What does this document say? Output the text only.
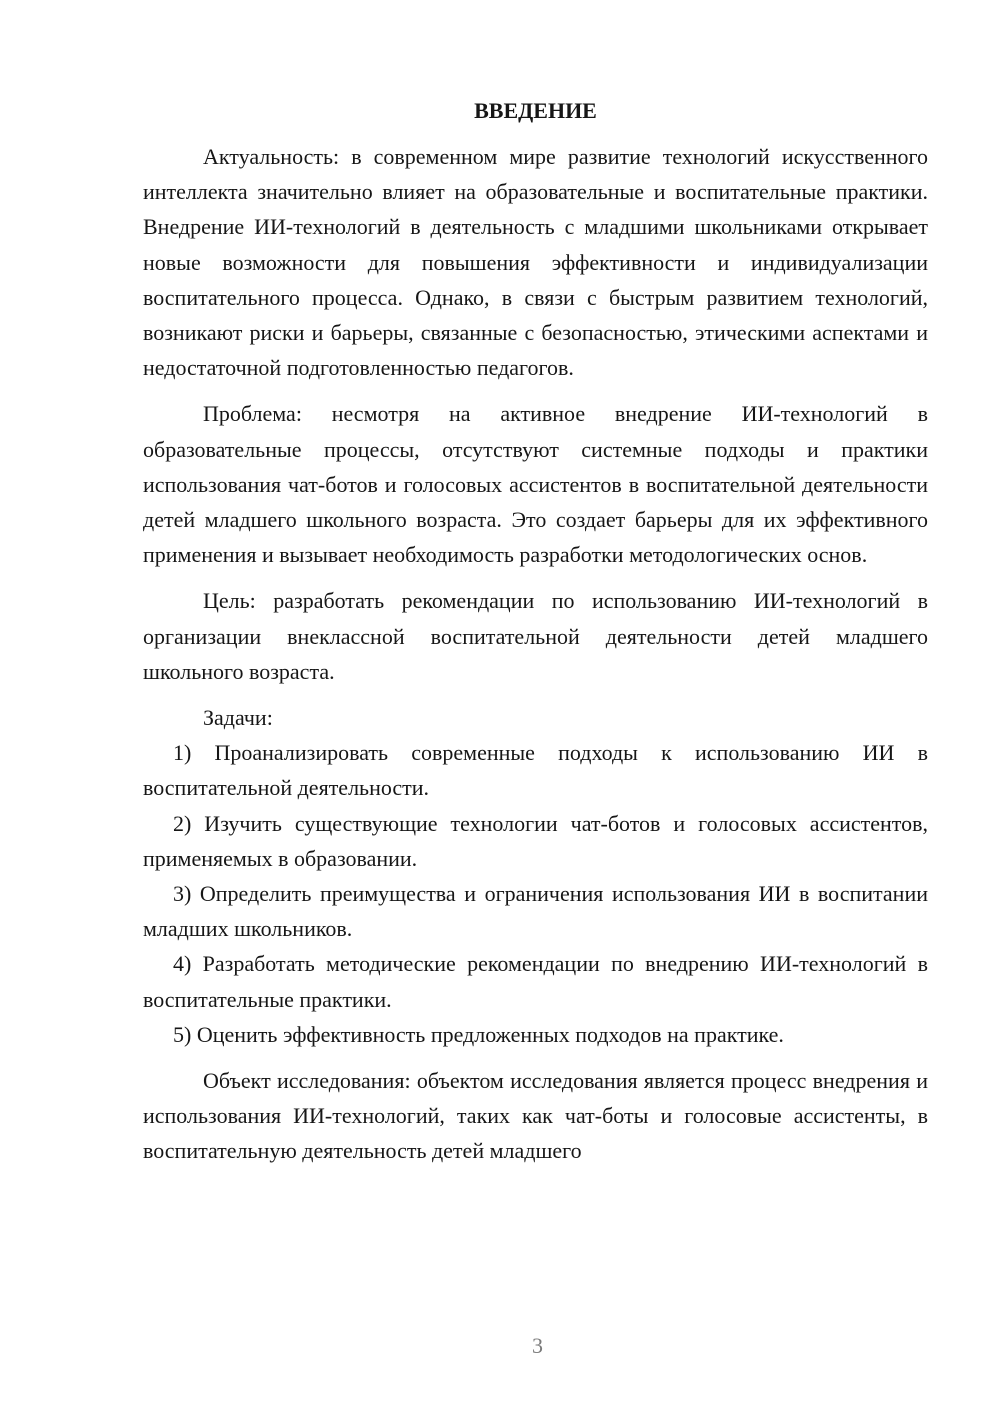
ВВЕДЕНИЕ

Актуальность: в современном мире развитие технологий искусственного интеллекта значительно влияет на образовательные и воспитательные практики. Внедрение ИИ-технологий в деятельность с младшими школьниками открывает новые возможности для повышения эффективности и индивидуализации воспитательного процесса. Однако, в связи с быстрым развитием технологий, возникают риски и барьеры, связанные с безопасностью, этическими аспектами и недостаточной подготовленностью педагогов.

Проблема: несмотря на активное внедрение ИИ-технологий в образовательные процессы, отсутствуют системные подходы и практики использования чат-ботов и голосовых ассистентов в воспитательной деятельности детей младшего школьного возраста. Это создает барьеры для их эффективного применения и вызывает необходимость разработки методологических основ.

Цель: разработать рекомендации по использованию ИИ-технологий в организации внеклассной воспитательной деятельности детей младшего школьного возраста.

Задачи:

1) Проанализировать современные подходы к использованию ИИ в воспитательной деятельности.

2) Изучить существующие технологии чат-ботов и голосовых ассистентов, применяемых в образовании.

3) Определить преимущества и ограничения использования ИИ в воспитании младших школьников.

4) Разработать методические рекомендации по внедрению ИИ-технологий в воспитательные практики.

5) Оценить эффективность предложенных подходов на практике.

Объект исследования: объектом исследования является процесс внедрения и использования ИИ-технологий, таких как чат-боты и голосовые ассистенты, в воспитательную деятельность детей младшего

3
